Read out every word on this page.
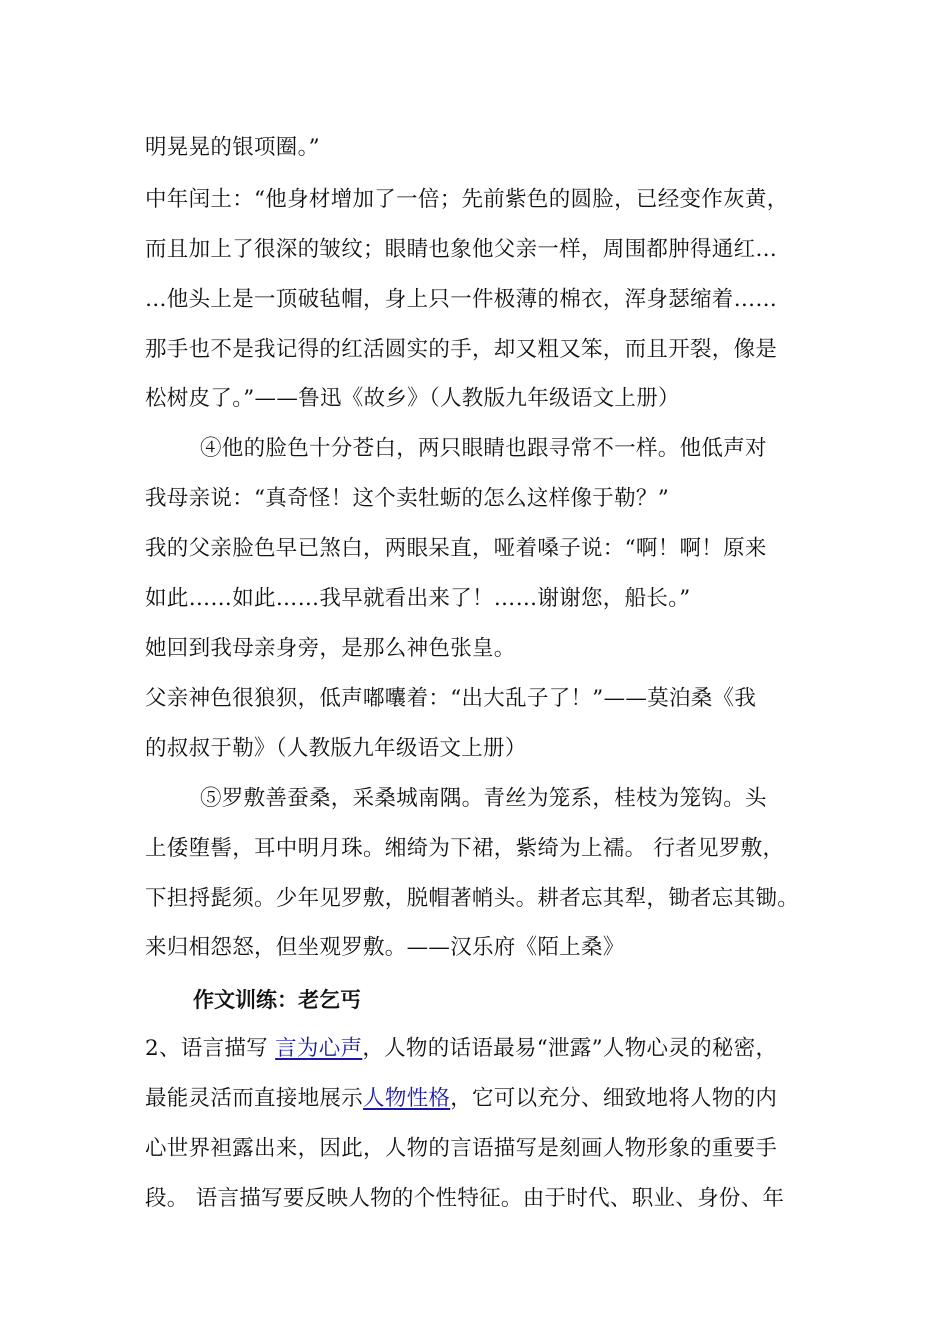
明晃晃的银项圈。”
中年闰土：“他身材增加了一倍；先前紫色的圆脸，已经变作灰黄，
而且加上了很深的皱纹；眼睛也象他父亲一样，周围都肿得通红…
…他头上是一顶破毡帽，身上只一件极薄的棉衣，浑身瑟缩着……
那手也不是我记得的红活圆实的手，却又粗又笨，而且开裂，像是
松树皮了。”——鲁迅《故乡》（人教版九年级语文上册）
④他的脸色十分苍白，两只眼睛也跟寻常不一样。他低声对
我母亲说：“真奇怪！这个卖牡蛎的怎么这样像于勒？”
我的父亲脸色早已煞白，两眼呆直，哑着嗓子说：“啊！啊！原来
如此……如此……我早就看出来了！……谢谢您，船长。”
她回到我母亲身旁，是那么神色张皇。
父亲神色很狼狈，低声嘟囔着：“出大乱子了！”——莫泊桑《我
的叔叔于勒》（人教版九年级语文上册）
⑤罗敷善蚕桑，采桑城南隅。青丝为笼系，桂枝为笼钩。头
上倭堕髻，耳中明月珠。缃绮为下裙，紫绮为上襦。 行者见罗敷，
下担捋髭须。少年见罗敷，脱帽著帩头。耕者忘其犁，锄者忘其锄。
来归相怨怒，但坐观罗敷。——汉乐府《陌上桑》
作文训练：老乞丐
2、语言描写 言为心声，人物的话语最易“泄露”人物心灵的秘密，
最能灵活而直接地展示人物性格，它可以充分、细致地将人物的内
心世界袒露出来，因此，人物的言语描写是刻画人物形象的重要手
段。 语言描写要反映人物的个性特征。由于时代、职业、身份、年
